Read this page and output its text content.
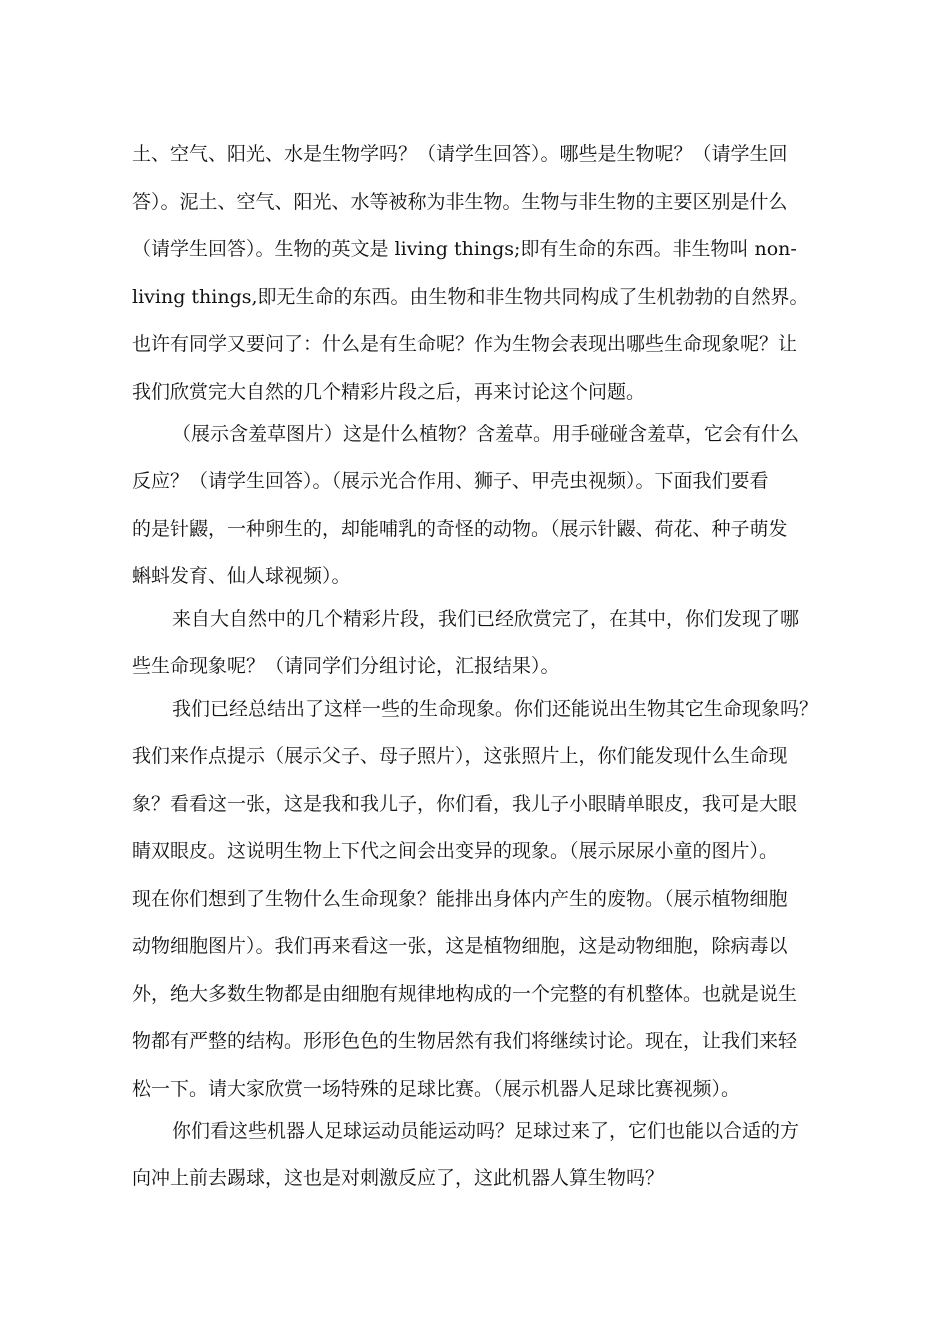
土、空气、阳光、水是生物学吗？（请学生回答）。哪些是生物呢？（请学生回

答）。泥土、空气、阳光、水等被称为非生物。生物与非生物的主要区别是什么

（请学生回答）。生物的英文是 living things;即有生命的东西。非生物叫 non-

living things,即无生命的东西。由生物和非生物共同构成了生机勃勃的自然界。

也许有同学又要问了：什么是有生命呢？作为生物会表现出哪些生命现象呢？让

我们欣赏完大自然的几个精彩片段之后，再来讨论这个问题。

（展示含羞草图片）这是什么植物？含羞草。用手碰碰含羞草，它会有什么

反应？（请学生回答）。（展示光合作用、狮子、甲壳虫视频）。下面我们要看

的是针鼹，一种卵生的，却能哺乳的奇怪的动物。（展示针鼹、荷花、种子萌发

蝌蚪发育、仙人球视频）。

来自大自然中的几个精彩片段，我们已经欣赏完了，在其中，你们发现了哪

些生命现象呢？（请同学们分组讨论，汇报结果）。

我们已经总结出了这样一些的生命现象。你们还能说出生物其它生命现象吗？

我们来作点提示（展示父子、母子照片），这张照片上，你们能发现什么生命现

象？看看这一张，这是我和我儿子，你们看，我儿子小眼睛单眼皮，我可是大眼

睛双眼皮。这说明生物上下代之间会出变异的现象。（展示尿尿小童的图片）。

现在你们想到了生物什么生命现象？能排出身体内产生的废物。（展示植物细胞

动物细胞图片）。我们再来看这一张，这是植物细胞，这是动物细胞，除病毒以

外，绝大多数生物都是由细胞有规律地构成的一个完整的有机整体。也就是说生

物都有严整的结构。形形色色的生物居然有我们将继续讨论。现在，让我们来轻

松一下。请大家欣赏一场特殊的足球比赛。（展示机器人足球比赛视频）。

你们看这些机器人足球运动员能运动吗？足球过来了，它们也能以合适的方

向冲上前去踢球，这也是对刺激反应了，这此机器人算生物吗？
